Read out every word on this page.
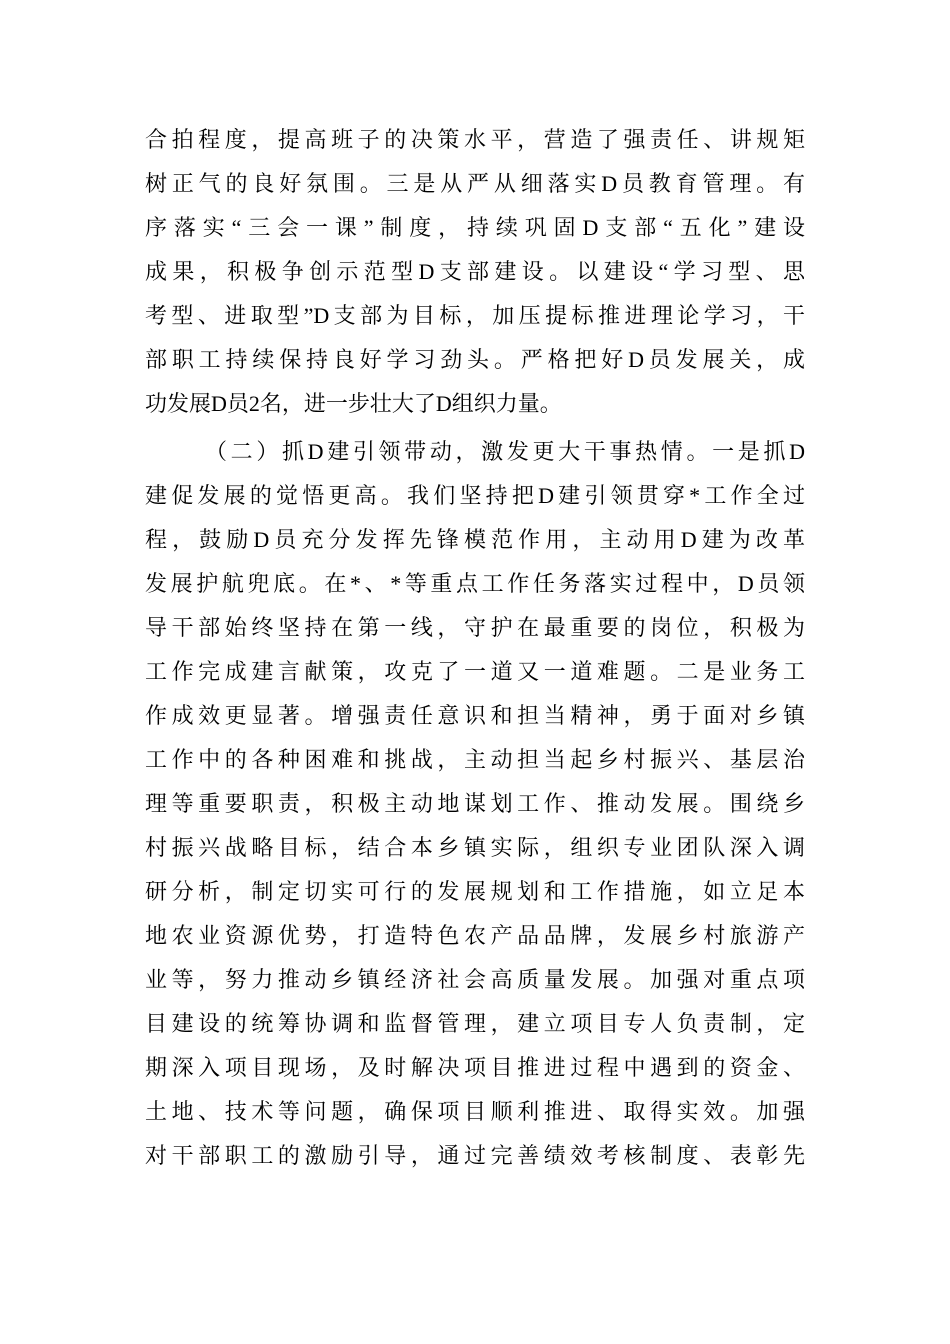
合拍程度，提高班子的决策水平，营造了强责任、讲规矩
树正气的良好氛围。三是从严从细落实D员教育管理。有
序落实“三会一课”制度，持续巩固D支部“五化”建设
成果，积极争创示范型D支部建设。以建设“学习型、思
考型、进取型”D支部为目标，加压提标推进理论学习，干
部职工持续保持良好学习劲头。严格把好D员发展关，成
功发展D员2名，进一步壮大了D组织力量。
（二）抓D建引领带动，激发更大干事热情。一是抓D
建促发展的觉悟更高。我们坚持把D建引领贯穿*工作全过
程，鼓励D员充分发挥先锋模范作用，主动用D建为改革
发展护航兜底。在*、*等重点工作任务落实过程中，D员领
导干部始终坚持在第一线，守护在最重要的岗位，积极为
工作完成建言献策，攻克了一道又一道难题。二是业务工
作成效更显著。增强责任意识和担当精神，勇于面对乡镇
工作中的各种困难和挑战，主动担当起乡村振兴、基层治
理等重要职责，积极主动地谋划工作、推动发展。围绕乡
村振兴战略目标，结合本乡镇实际，组织专业团队深入调
研分析，制定切实可行的发展规划和工作措施，如立足本
地农业资源优势，打造特色农产品品牌，发展乡村旅游产
业等，努力推动乡镇经济社会高质量发展。加强对重点项
目建设的统筹协调和监督管理，建立项目专人负责制，定
期深入项目现场，及时解决项目推进过程中遇到的资金、
土地、技术等问题，确保项目顺利推进、取得实效。加强
对干部职工的激励引导，通过完善绩效考核制度、表彰先
